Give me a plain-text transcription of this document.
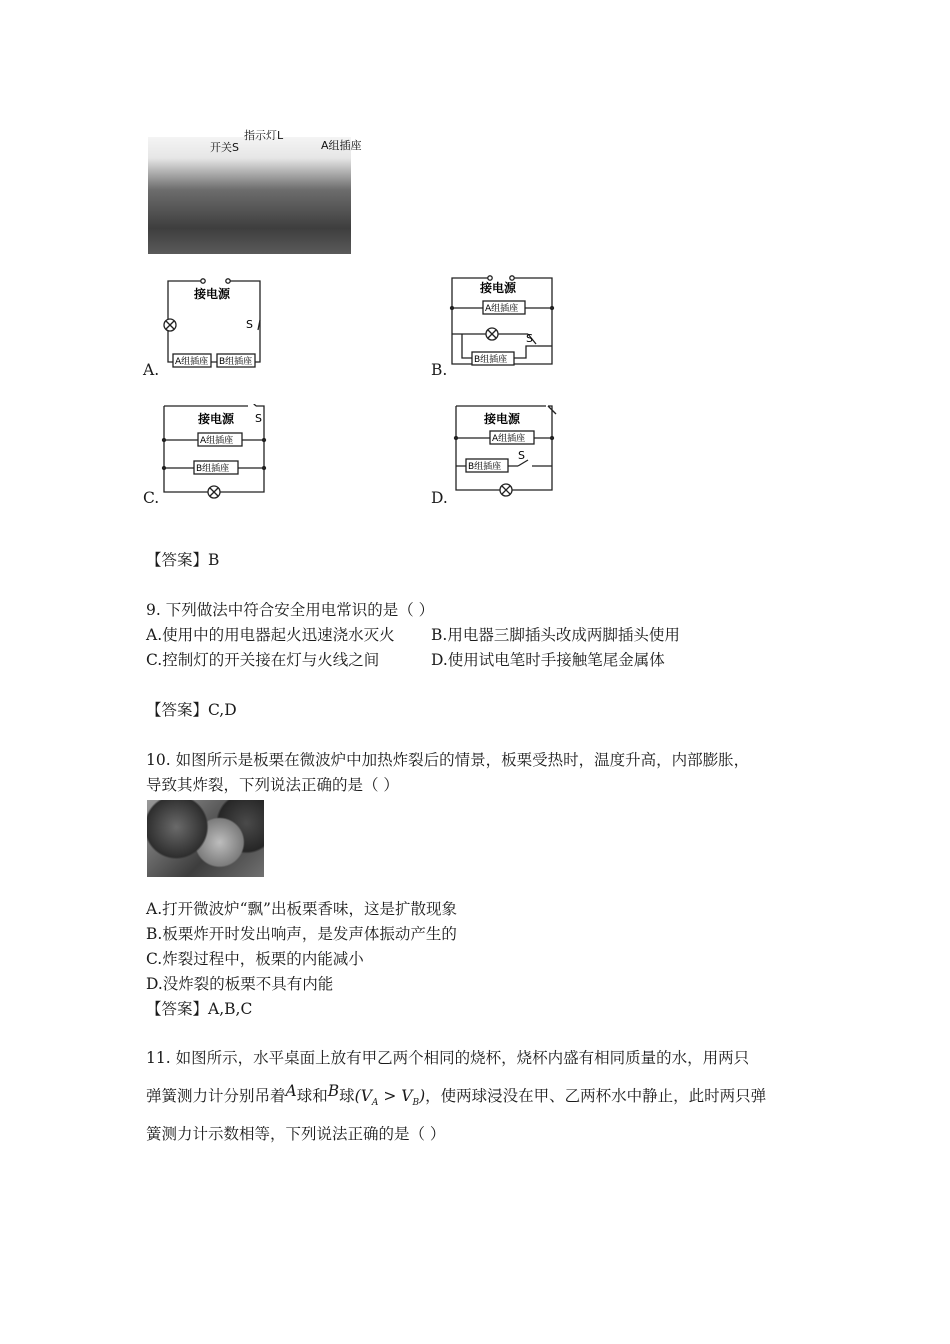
开关S
指示灯L
A组插座
接电源
S
A组插座 B组插座
A.
接电源
S
A组插座
B组插座
B.
接电源 S
A组插座
B组插座
C.
接电源
S
A组插座
B组插座
D.
【答案】B
9. 下列做法中符合安全用电常识的是（ ）
A.使用中的用电器起火迅速浇水灭火 B.用电器三脚插头改成两脚插头使用
C.控制灯的开关接在灯与火线之间	D.使用试电笔时手接触笔尾金属体
【答案】C,D
10. 如图所示是板栗在微波炉中加热炸裂后的情景，板栗受热时，温度升高，内部膨胀，
导致其炸裂，下列说法正确的是（ ）
A.打开微波炉“飘”出板栗香味，这是扩散现象
B.板栗炸开时发出响声，是发声体振动产生的
C.炸裂过程中，板栗的内能减小
D.没炸裂的板栗不具有内能
【答案】A,B,C
11. 如图所示，水平桌面上放有甲乙两个相同的烧杯，烧杯内盛有相同质量的水，用两只
弹簧测力计分别吊着A球和B球$(V_A > V_B)$，使两球浸没在甲、乙两杯水中静止，此时两只弹
簧测力计示数相等，下列说法正确的是（ ）
